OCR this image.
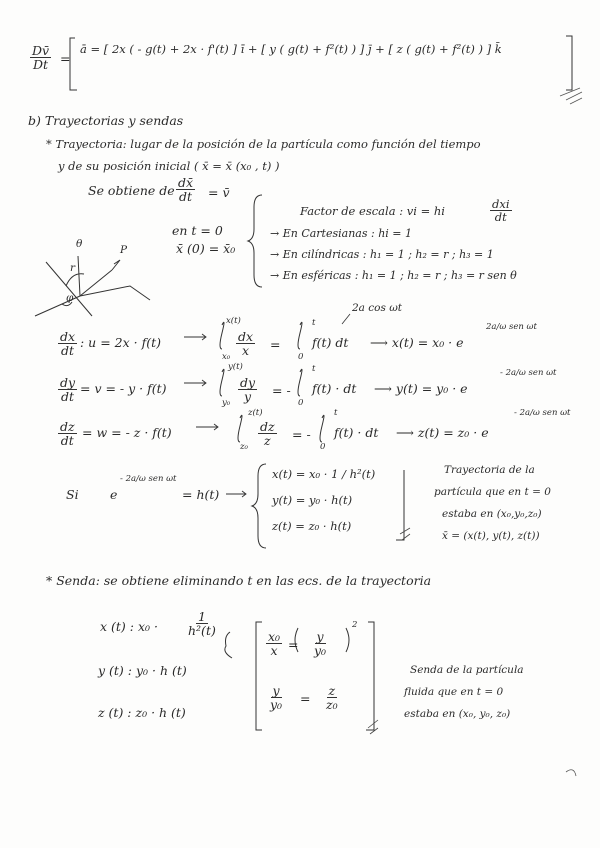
$\frac{Dv̄}{Dt}$ =
ā = [ 2x ( - g(t) + 2x · f'(t) ] ī + [ y ( g(t) + f²(t) ) ] j̄ + [ z ( g(t) + f²(t) ) ] k̄
b) Trayectorias y sendas
* Trayectoria: lugar de la posición de la partícula como función del tiempo
y de su posición inicial ( x̄ = x̄ (x₀ , t) )
Se obtiene de $\frac{dx̄}{dt}$ = v̄
en t = 0
x̄ (0) = x̄₀
Factor de escala : vi = hi	dxi
dt
→ En Cartesianas : hi = 1
→ En cilíndricas : h₁ = 1 ; h₂ = r ; h₃ = 1
→ En esféricas : h₁ = 1 ; h₂ = r ; h₃ = r sen θ
θ
r
P
φ
2a cos ωt
$\frac{dx}{dt}$ : u = 2x · f(t)
x(t)
$x_0 \frac{dx}{x}$ =
t
0
f(t) dt ⟶ x(t) = x₀ · e
2a/ω sen ωt
$\frac{dy}{dt} = v$ = - y · f(t)
y(t)
$y_0 \frac{dy}{y}$ = -
t
0
f(t) · dt ⟶ y(t) = y₀ · e
- 2a/ω sen ωt
$\frac{dz}{dt} = w$ = - z · f(t)
z(t)
$z_0 \frac{dz}{z}$ = -
t
0
f(t) · dt ⟶ z(t) = z₀ · e
- 2a/ω sen ωt
Si	e
- 2a/ω sen ωt
= h(t)
x(t) = x₀ · 1 / h²(t)
y(t) = y₀ · h(t)
z(t) = z₀ · h(t)
Trayectoria de la
partícula que en t = 0
estaba en (x₀,y₀,z₀)
x̄ = (x(t), y(t), z(t))
* Senda: se obtiene eliminando t en las ecs. de la trayectoria
x (t) : $x_0 \cdot \frac{1}{\text{h²(t)}}$
y (t) : y₀ · h (t)
z (t) : z₀ · h (t)
$\frac{\text{x₀}}{x} = \frac{y}{\text{y₀}}$
2
$\frac{y}{\text{y₀}} = \frac{z}{\text{z₀}}$
Senda de la partícula
fluida que en t = 0
estaba en (x₀, y₀, z₀)
